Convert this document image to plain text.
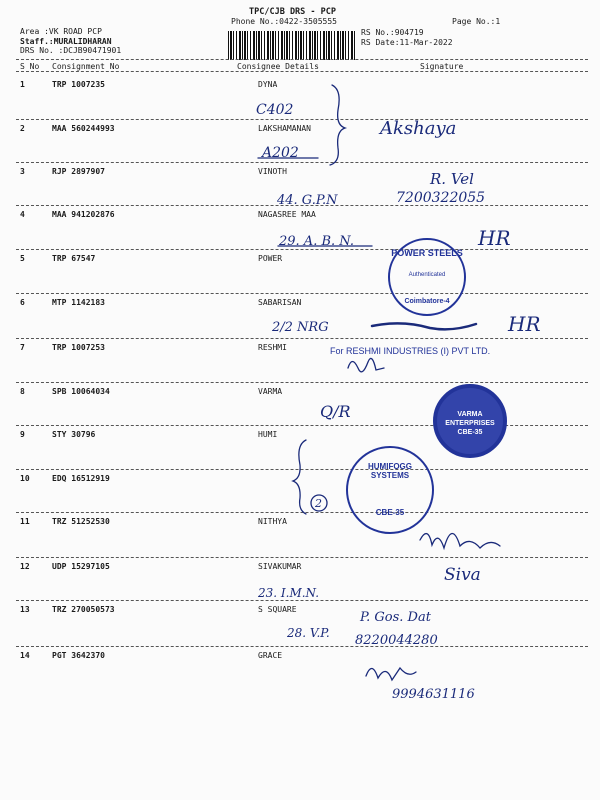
TPC/CJB DRS - PCP
Phone No.:0422-3505555	Page No.:1
Area :VK ROAD PCP
Staff.:MURALIDHARAN
DRS No. :DCJB90471901
RS No.:904719
RS Date:11-Mar-2022
S No Consignment No	Consignee Details	Signature
1	TRP 1007235	DYNA
2	MAA 560244993	LAKSHAMANAN
3	RJP 2897907	VINOTH
4	MAA 941202876	NAGASREE MAA
5	TRP 67547	POWER
6	MTP 1142183	SABARISAN
7	TRP 1007253	RESHMI
8	SPB 10064034	VARMA
9	STY 30796	HUMI
10	EDQ 16512919
11	TRZ 51252530	NITHYA
12	UDP 15297105	SIVAKUMAR
13	TRZ 270050573	S SQUARE
14	PGT 3642370	GRACE
C402
A202
Akshaya
R. Vel
7200322055
44. G.P.N
29. A. B. N.	HR
2/2 NRG	HR
Q/R
2
23. I.M.N.
Siva
P. Gos. Dat
8220044280
28. V.P.
9994631116
POWER STEELS
Authenticated
Coimbatore-4
For RESHMI INDUSTRIES (I) PVT LTD.
VARMA ENTERPRISES CBE-35
HUMIFOGG SYSTEMS
CBE-35
